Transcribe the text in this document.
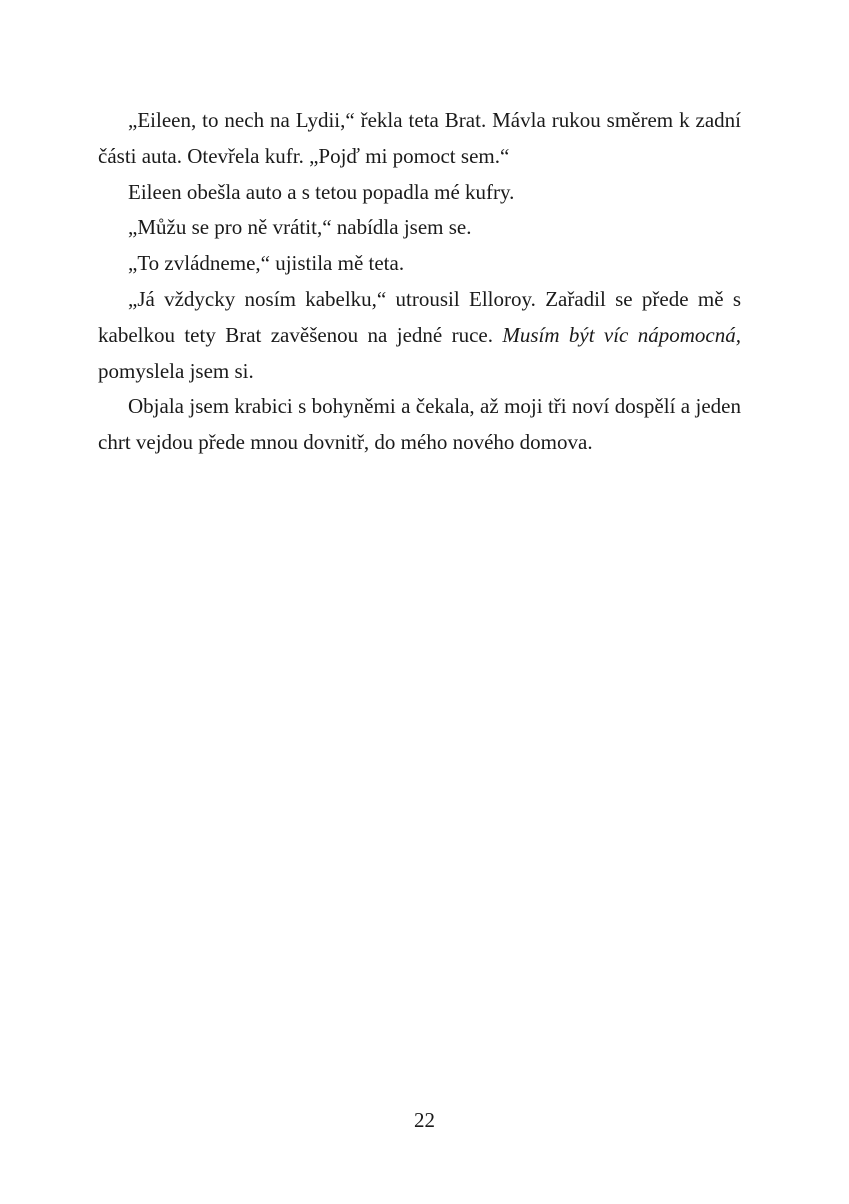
„Eileen, to nech na Lydii,“ řekla teta Brat. Mávla rukou směrem k zadní části auta. Otevřela kufr. „Pojď mi pomoct sem.“

Eileen obešla auto a s tetou popadla mé kufry.

„Můžu se pro ně vrátit,“ nabídla jsem se.

„To zvládneme,“ ujistila mě teta.

„Já vždycky nosím kabelku,“ utrousil Elloroy. Zařadil se přede mě s kabelkou tety Brat zavěšenou na jedné ruce. Musím být víc nápomocná, pomyslela jsem si.

Objala jsem krabici s bohyněmi a čekala, až moji tři noví dospělí a jeden chrt vejdou přede mnou dovnitř, do mého nového domova.

22
